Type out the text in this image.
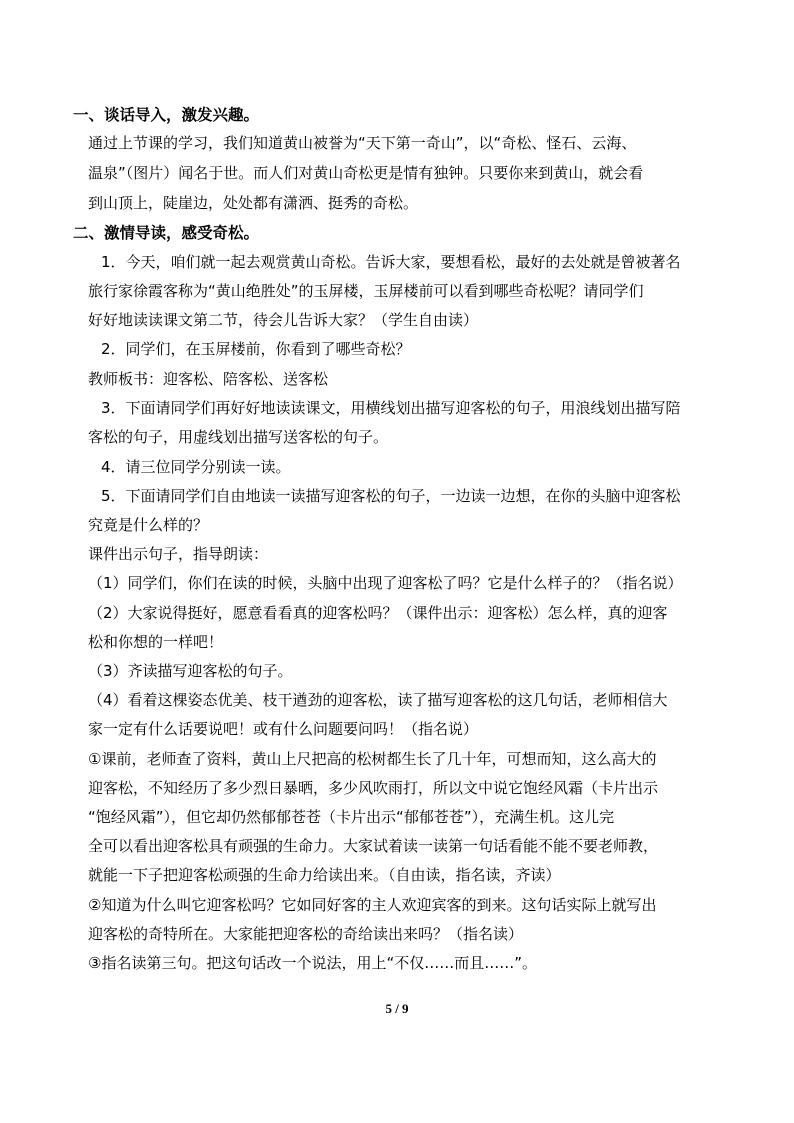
一、谈话导入，激发兴趣。
通过上节课的学习，我们知道黄山被誉为“天下第一奇山”，以“奇松、怪石、云海、
温泉”（图片）闻名于世。而人们对黄山奇松更是情有独钟。只要你来到黄山，就会看
到山顶上，陡崖边，处处都有潇洒、挺秀的奇松。
二、激情导读，感受奇松。
1．今天，咱们就一起去观赏黄山奇松。告诉大家，要想看松，最好的去处就是曾被著名
旅行家徐霞客称为“黄山绝胜处”的玉屏楼，玉屏楼前可以看到哪些奇松呢？请同学们
好好地读读课文第二节，待会儿告诉大家？（学生自由读）
2．同学们，在玉屏楼前，你看到了哪些奇松？
教师板书：迎客松、陪客松、送客松
3．下面请同学们再好好地读读课文，用横线划出描写迎客松的句子，用浪线划出描写陪
客松的句子，用虚线划出描写送客松的句子。
4．请三位同学分别读一读。
5．下面请同学们自由地读一读描写迎客松的句子，一边读一边想，在你的头脑中迎客松
究竟是什么样的？
课件出示句子，指导朗读：
（1）同学们，你们在读的时候，头脑中出现了迎客松了吗？它是什么样子的？（指名说）
（2）大家说得挺好，愿意看看真的迎客松吗？（课件出示：迎客松）怎么样，真的迎客
松和你想的一样吧！
（3）齐读描写迎客松的句子。
（4）看着这棵姿态优美、枝干遒劲的迎客松，读了描写迎客松的这几句话，老师相信大
家一定有什么话要说吧！或有什么问题要问吗！（指名说）
①课前，老师查了资料，黄山上尺把高的松树都生长了几十年，可想而知，这么高大的
迎客松，不知经历了多少烈日暴晒，多少风吹雨打，所以文中说它饱经风霜（卡片出示
“饱经风霜”），但它却仍然郁郁苍苍（卡片出示“郁郁苍苍”），充满生机。这儿完
全可以看出迎客松具有顽强的生命力。大家试着读一读第一句话看能不能不要老师教，
就能一下子把迎客松顽强的生命力给读出来。（自由读，指名读，齐读）
②知道为什么叫它迎客松吗？它如同好客的主人欢迎宾客的到来。这句话实际上就写出
迎客松的奇特所在。大家能把迎客松的奇给读出来吗？（指名读）
③指名读第三句。把这句话改一个说法，用上“不仅……而且……”。
5 / 9
